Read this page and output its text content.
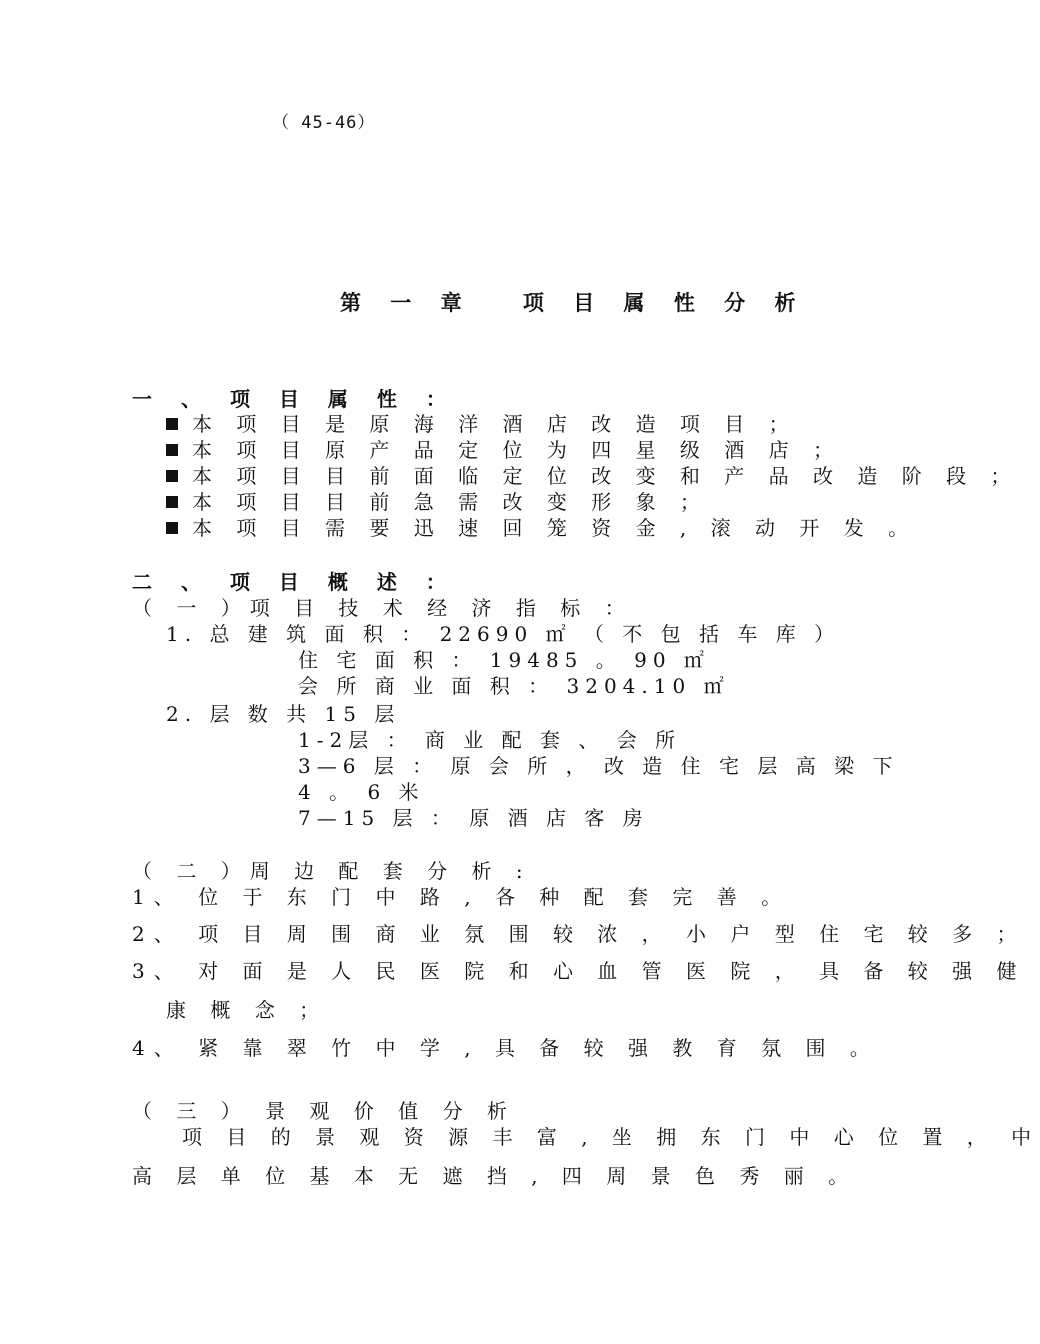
（ 45-46）
第 一 章　 项 目 属 性 分 析
一 、 项 目 属 性 ：
本 项 目 是 原 海 洋 酒 店 改 造 项 目 ；
本 项 目 原 产 品 定 位 为 四 星 级 酒 店 ；
本 项 目 目 前 面 临 定 位 改 变 和 产 品 改 造 阶 段 ；
本 项 目 目 前 急 需 改 变 形 象 ；
本 项 目 需 要 迅 速 回 笼 资 金 , 滚 动 开 发 。
二 、 项 目 概 述 ：
（ 一 ）项 目 技 术 经 济 指 标 ：
1. 总 建 筑 面 积 ： 22690 ㎡ （ 不 包 括 车 库 ）
住 宅 面 积 ： 19485 。 90 ㎡
会 所 商 业 面 积 ： 3204.10 ㎡
2. 层 数 共 15 层
1-2层 ： 商 业 配 套 、 会 所
3—6 层 ： 原 会 所 ， 改 造 住 宅 层 高 梁 下
4 。 6 米
7—15 层 ： 原 酒 店 客 房
（ 二 ）周 边 配 套 分 析 :
1、 位 于 东 门 中 路 , 各 种 配 套 完 善 。
2、 项 目 周 围 商 业 氛 围 较 浓 ， 小 户 型 住 宅 较 多 ；
3、 对 面 是 人 民 医 院 和 心 血 管 医 院 ， 具 备 较 强 健
康 概 念 ；
4、 紧 靠 翠 竹 中 学 , 具 备 较 强 教 育 氛 围 。
（ 三 ） 景 观 价 值 分 析
项 目 的 景 观 资 源 丰 富 , 坐 拥 东 门 中 心 位 置 ， 中
高 层 单 位 基 本 无 遮 挡 , 四 周 景 色 秀 丽 。
